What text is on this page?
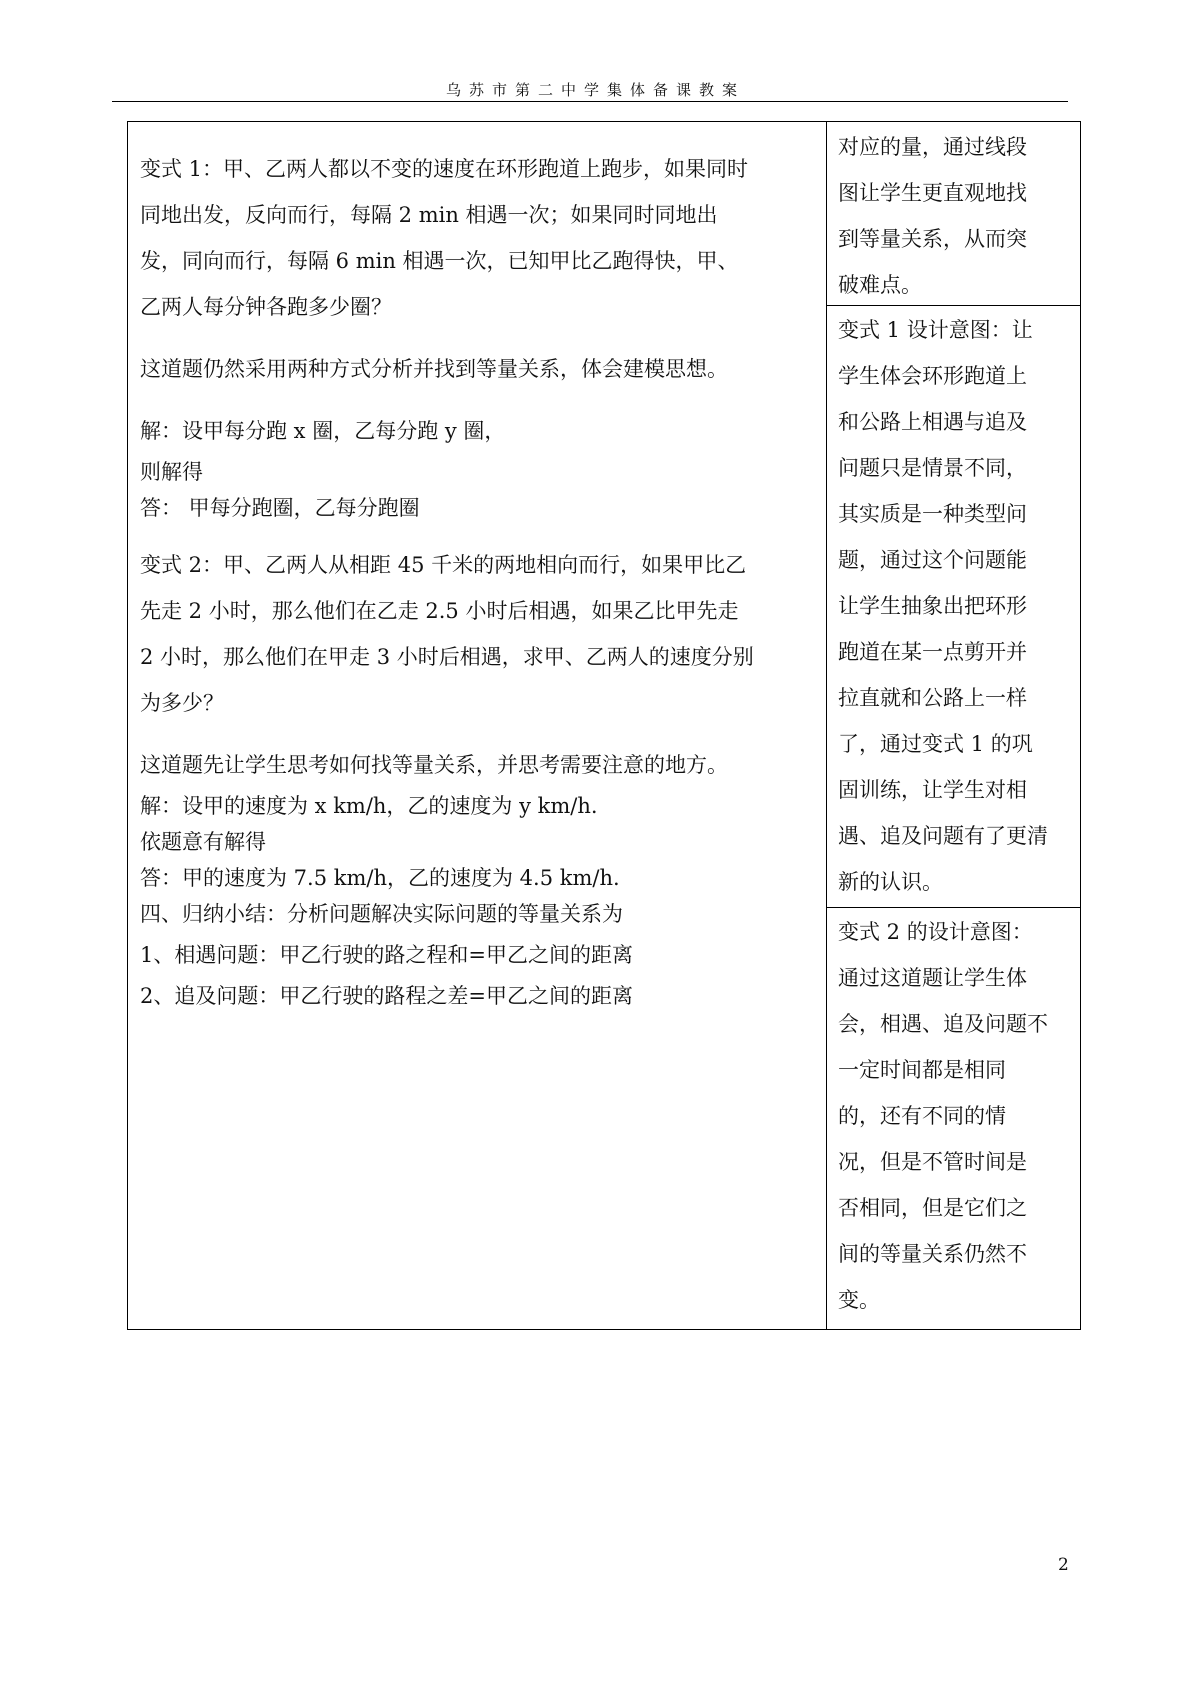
乌苏市第二中学集体备课教案

变式 1：甲、乙两人都以不变的速度在环形跑道上跑步，如果同时

同地出发，反向而行，每隔 2 min 相遇一次；如果同时同地出

发，同向而行，每隔 6 min 相遇一次，已知甲比乙跑得快，甲、

乙两人每分钟各跑多少圈？

这道题仍然采用两种方式分析并找到等量关系，体会建模思想。

解：设甲每分跑 x 圈，乙每分跑 y 圈，

则解得

答： 甲每分跑圈，乙每分跑圈

变式 2：甲、乙两人从相距 45 千米的两地相向而行，如果甲比乙

先走 2 小时，那么他们在乙走 2.5 小时后相遇，如果乙比甲先走

2 小时，那么他们在甲走 3 小时后相遇，求甲、乙两人的速度分别

为多少？

这道题先让学生思考如何找等量关系，并思考需要注意的地方。

解：设甲的速度为 x km/h，乙的速度为 y km/h.

依题意有解得

答：甲的速度为 7.5 km/h，乙的速度为 4.5 km/h.

四、归纳小结：分析问题解决实际问题的等量关系为

1、相遇问题：甲乙行驶的路之程和=甲乙之间的距离

2、追及问题：甲乙行驶的路程之差=甲乙之间的距离

对应的量，通过线段

图让学生更直观地找

到等量关系，从而突

破难点。

变式 1 设计意图：让

学生体会环形跑道上

和公路上相遇与追及

问题只是情景不同，

其实质是一种类型问

题，通过这个问题能

让学生抽象出把环形

跑道在某一点剪开并

拉直就和公路上一样

了，通过变式 1 的巩

固训练，让学生对相

遇、追及问题有了更清

新的认识。

变式 2 的设计意图：

通过这道题让学生体

会，相遇、追及问题不

一定时间都是相同

的，还有不同的情

况，但是不管时间是

否相同，但是它们之

间的等量关系仍然不

变。

2
